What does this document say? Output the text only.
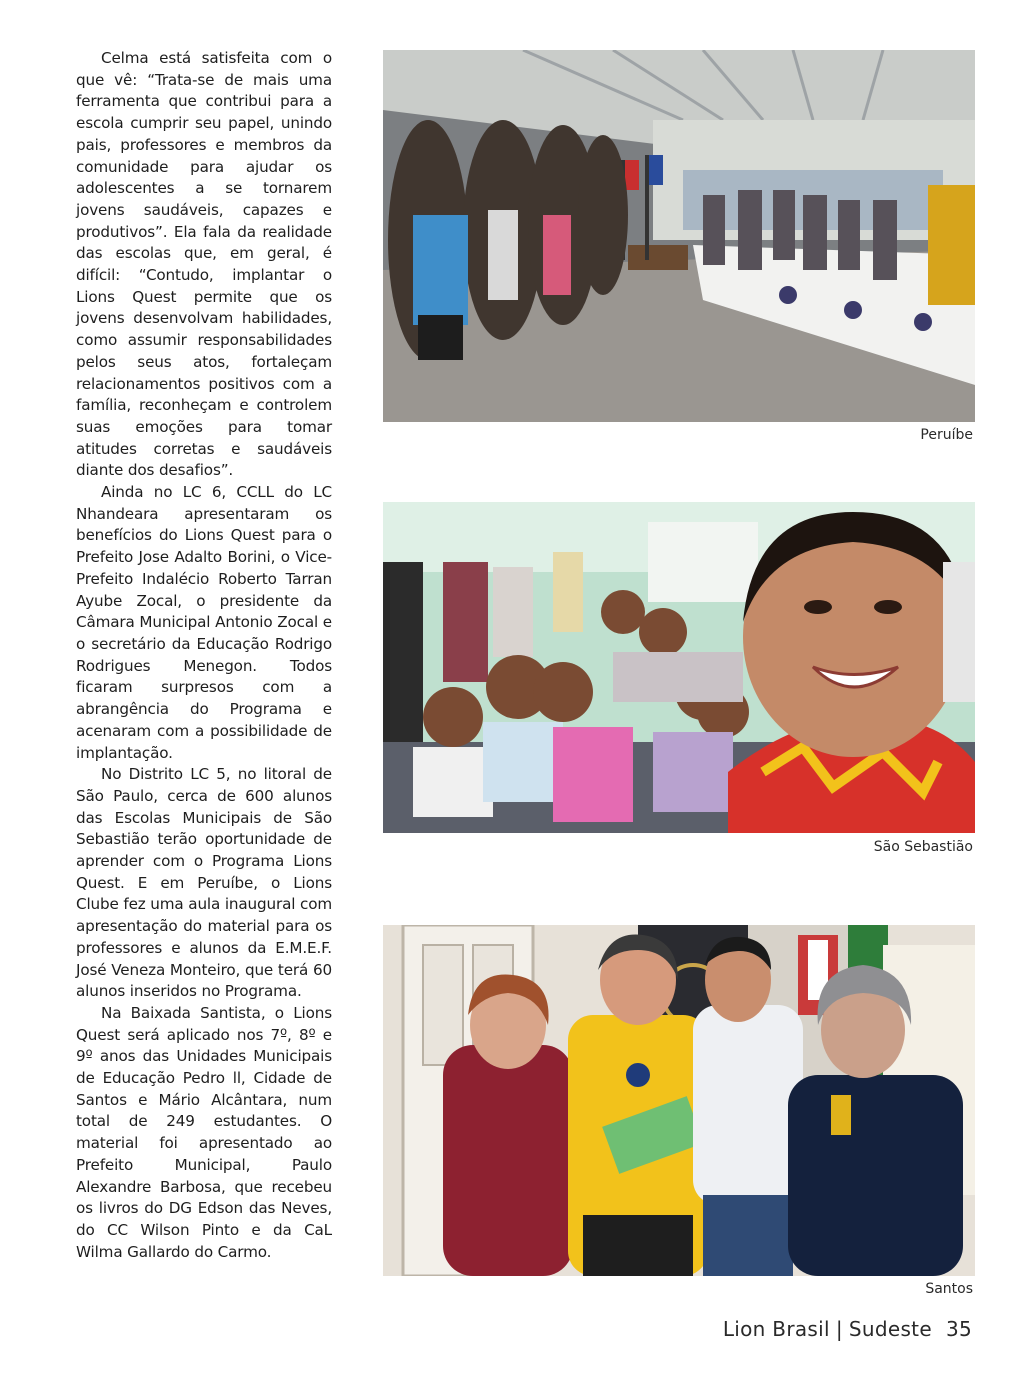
Celma está satisfeita com o que vê: “Trata-se de mais uma ferramenta que contribui para a escola cumprir seu papel, unindo pais, professores e membros da comunidade para ajudar os adolescentes a se tornarem jovens saudáveis, capazes e produtivos”. Ela fala da realidade das escolas que, em geral, é difícil: “Contudo, implantar o Lions Quest permite que os jovens desenvolvam habilidades, como assumir responsabilidades pelos seus atos, fortaleçam relacionamentos positivos com a família, reconheçam e controlem suas emoções para tomar atitudes corretas e saudáveis diante dos desafios”.

Ainda no LC 6, CCLL do LC Nhandeara apresentaram os benefícios do Lions Quest para o Prefeito Jose Adalto Borini, o Vice-Prefeito Indalécio Roberto Tarran Ayube Zocal, o presidente da Câmara Municipal Antonio Zocal e o secretário da Educação Rodrigo Rodrigues Menegon. Todos ficaram surpresos com a abrangência do Programa e acenaram com a possibilidade de implantação.

No Distrito LC 5, no litoral de São Paulo, cerca de 600 alunos das Escolas Municipais de São Sebastião terão oportunidade de aprender com o Programa Lions Quest. E em Peruíbe, o Lions Clube fez uma aula inaugural com apresentação do material para os professores e alunos da E.M.E.F. José Veneza Monteiro, que terá 60 alunos inseridos no Programa.

Na Baixada Santista, o Lions Quest será aplicado nos 7º, 8º e 9º anos das Unidades Municipais de Educação Pedro ll, Cidade de Santos e Mário Alcântara, num total de 249 estudantes. O material foi apresentado ao Prefeito Municipal, Paulo Alexandre Barbosa, que recebeu os livros do DG Edson das Neves, do CC Wilson Pinto e da CaL Wilma Gallardo do Carmo.

Peruíbe
São Sebastião
Santos
Lion Brasil | Sudeste 35
